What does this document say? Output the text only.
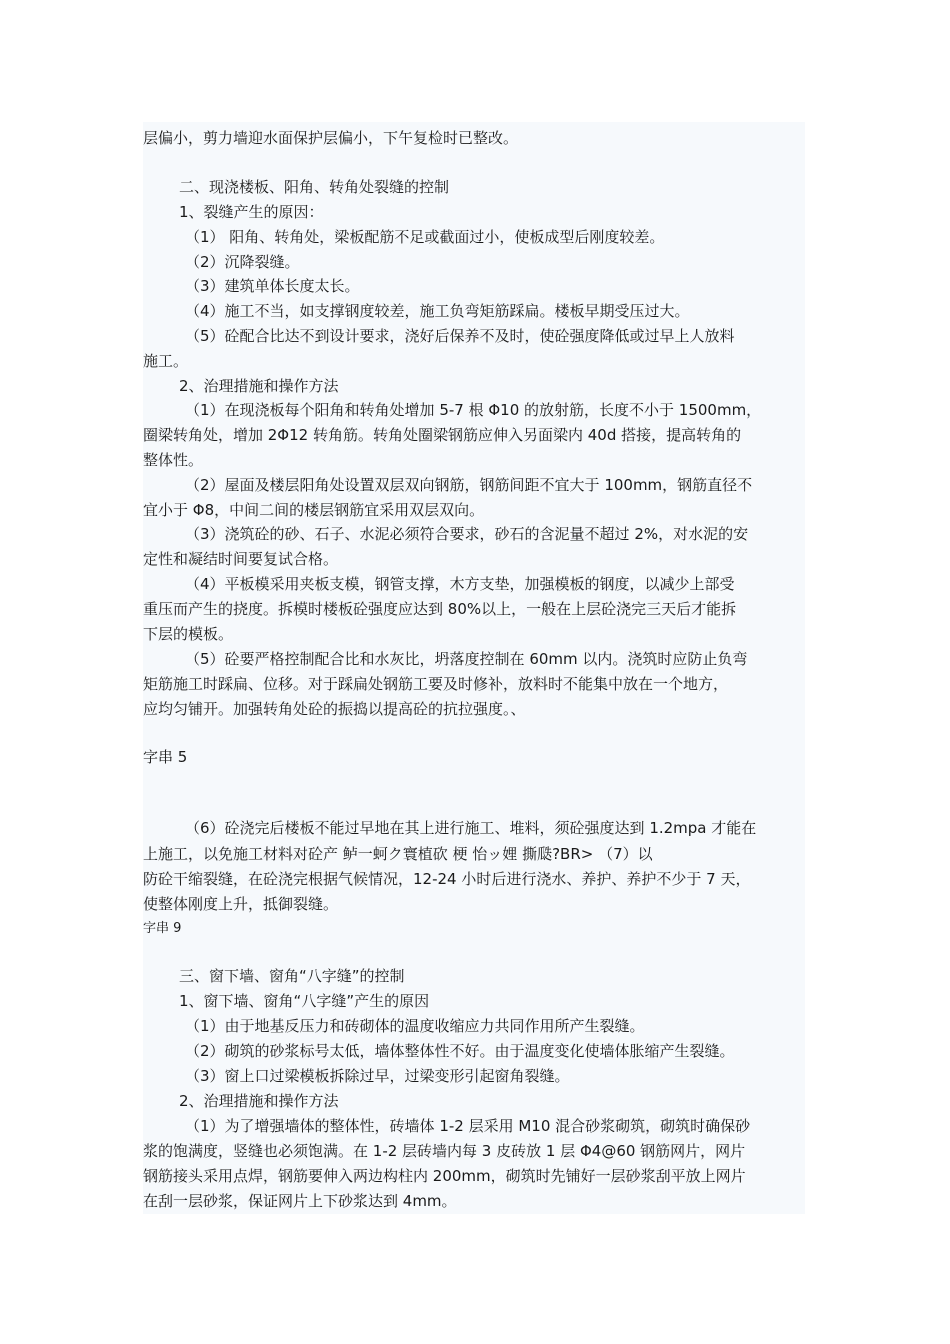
层偏小，剪力墙迎水面保护层偏小，下午复检时已整改。

二、现浇楼板、阳角、转角处裂缝的控制

1、裂缝产生的原因：

（1） 阳角、转角处，梁板配筋不足或截面过小，使板成型后刚度较差。

（2）沉降裂缝。

（3）建筑单体长度太长。

（4）施工不当，如支撑钢度较差，施工负弯矩筋踩扁。楼板早期受压过大。

（5）砼配合比达不到设计要求，浇好后保养不及时，使砼强度降低或过早上人放料

施工。

2、治理措施和操作方法

（1）在现浇板每个阳角和转角处增加 5-7 根 Φ10 的放射筋，长度不小于 1500mm，

圈梁转角处，增加 2Φ12 转角筋。转角处圈梁钢筋应伸入另面梁内 40d 搭接，提高转角的

整体性。

（2）屋面及楼层阳角处设置双层双向钢筋，钢筋间距不宜大于 100mm，钢筋直径不

宜小于 Φ8，中间二间的楼层钢筋宜采用双层双向。

（3）浇筑砼的砂、石子、水泥必须符合要求，砂石的含泥量不超过 2%，对水泥的安

定性和凝结时间要复试合格。

（4）平板模采用夹板支模，钢管支撑，木方支垫，加强模板的钢度，以减少上部受

重压而产生的挠度。拆模时楼板砼强度应达到 80%以上，一般在上层砼浇完三天后才能拆

下层的模板。

（5）砼要严格控制配合比和水灰比，坍落度控制在 60mm 以内。浇筑时应防止负弯

矩筋施工时踩扁、位移。对于踩扁处钢筋工要及时修补，放料时不能集中放在一个地方，

应均匀铺开。加强转角处砼的振捣以提高砼的抗拉强度。、

字串 5

（6）砼浇完后楼板不能过早地在其上进行施工、堆料，须砼强度达到 1.2mpa 才能在

上施工，以免施工材料对砼产 鲈一蚵ク寰植砍 梗 怡ッ娌 撕瓞?BR> （7）以

防砼干缩裂缝，在砼浇完根据气候情况，12-24 小时后进行浇水、养护、养护不少于 7 天，

使整体刚度上升，抵御裂缝。

字串 9

三、窗下墙、窗角“八字缝”的控制

1、窗下墙、窗角“八字缝”产生的原因

（1）由于地基反压力和砖砌体的温度收缩应力共同作用所产生裂缝。

（2）砌筑的砂浆标号太低，墙体整体性不好。由于温度变化使墙体胀缩产生裂缝。

（3）窗上口过梁模板拆除过早，过梁变形引起窗角裂缝。

2、治理措施和操作方法

（1）为了增强墙体的整体性，砖墙体 1-2 层采用 M10 混合砂浆砌筑，砌筑时确保砂

浆的饱满度，竖缝也必须饱满。在 1-2 层砖墙内每 3 皮砖放 1 层 Φ4@60 钢筋网片，网片

钢筋接头采用点焊，钢筋要伸入两边构柱内 200mm，砌筑时先铺好一层砂浆刮平放上网片

在刮一层砂浆，保证网片上下砂浆达到 4mm。
